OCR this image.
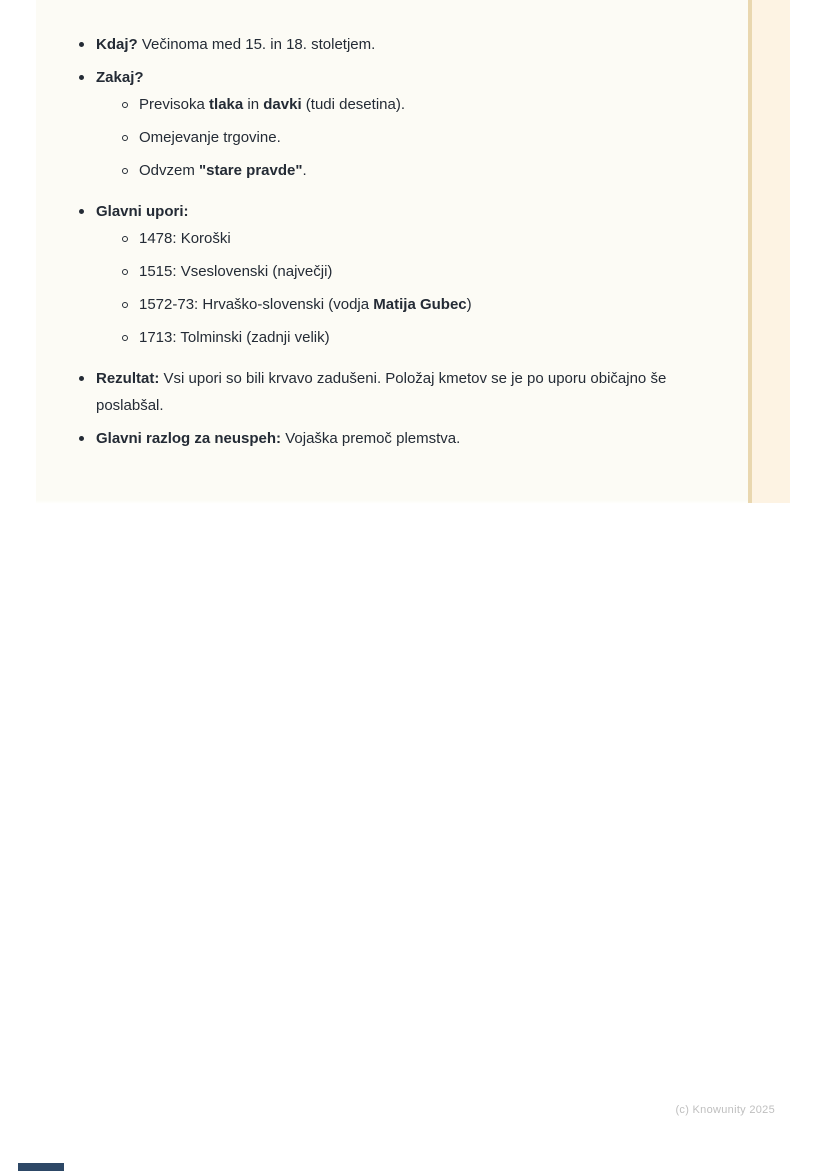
Kdaj? Večinoma med 15. in 18. stoletjem.
Zakaj?
Previsoka tlaka in davki (tudi desetina).
Omejevanje trgovine.
Odvzem "stare pravde".
Glavni upori:
1478: Koroški
1515: Vseslovenski (največji)
1572-73: Hrvaško-slovenski (vodja Matija Gubec)
1713: Tolminski (zadnji velik)
Rezultat: Vsi upori so bili krvavo zadušeni. Položaj kmetov se je po uporu običajno še poslabšal.
Glavni razlog za neuspeh: Vojaška premoč plemstva.
(c) Knowunity 2025
